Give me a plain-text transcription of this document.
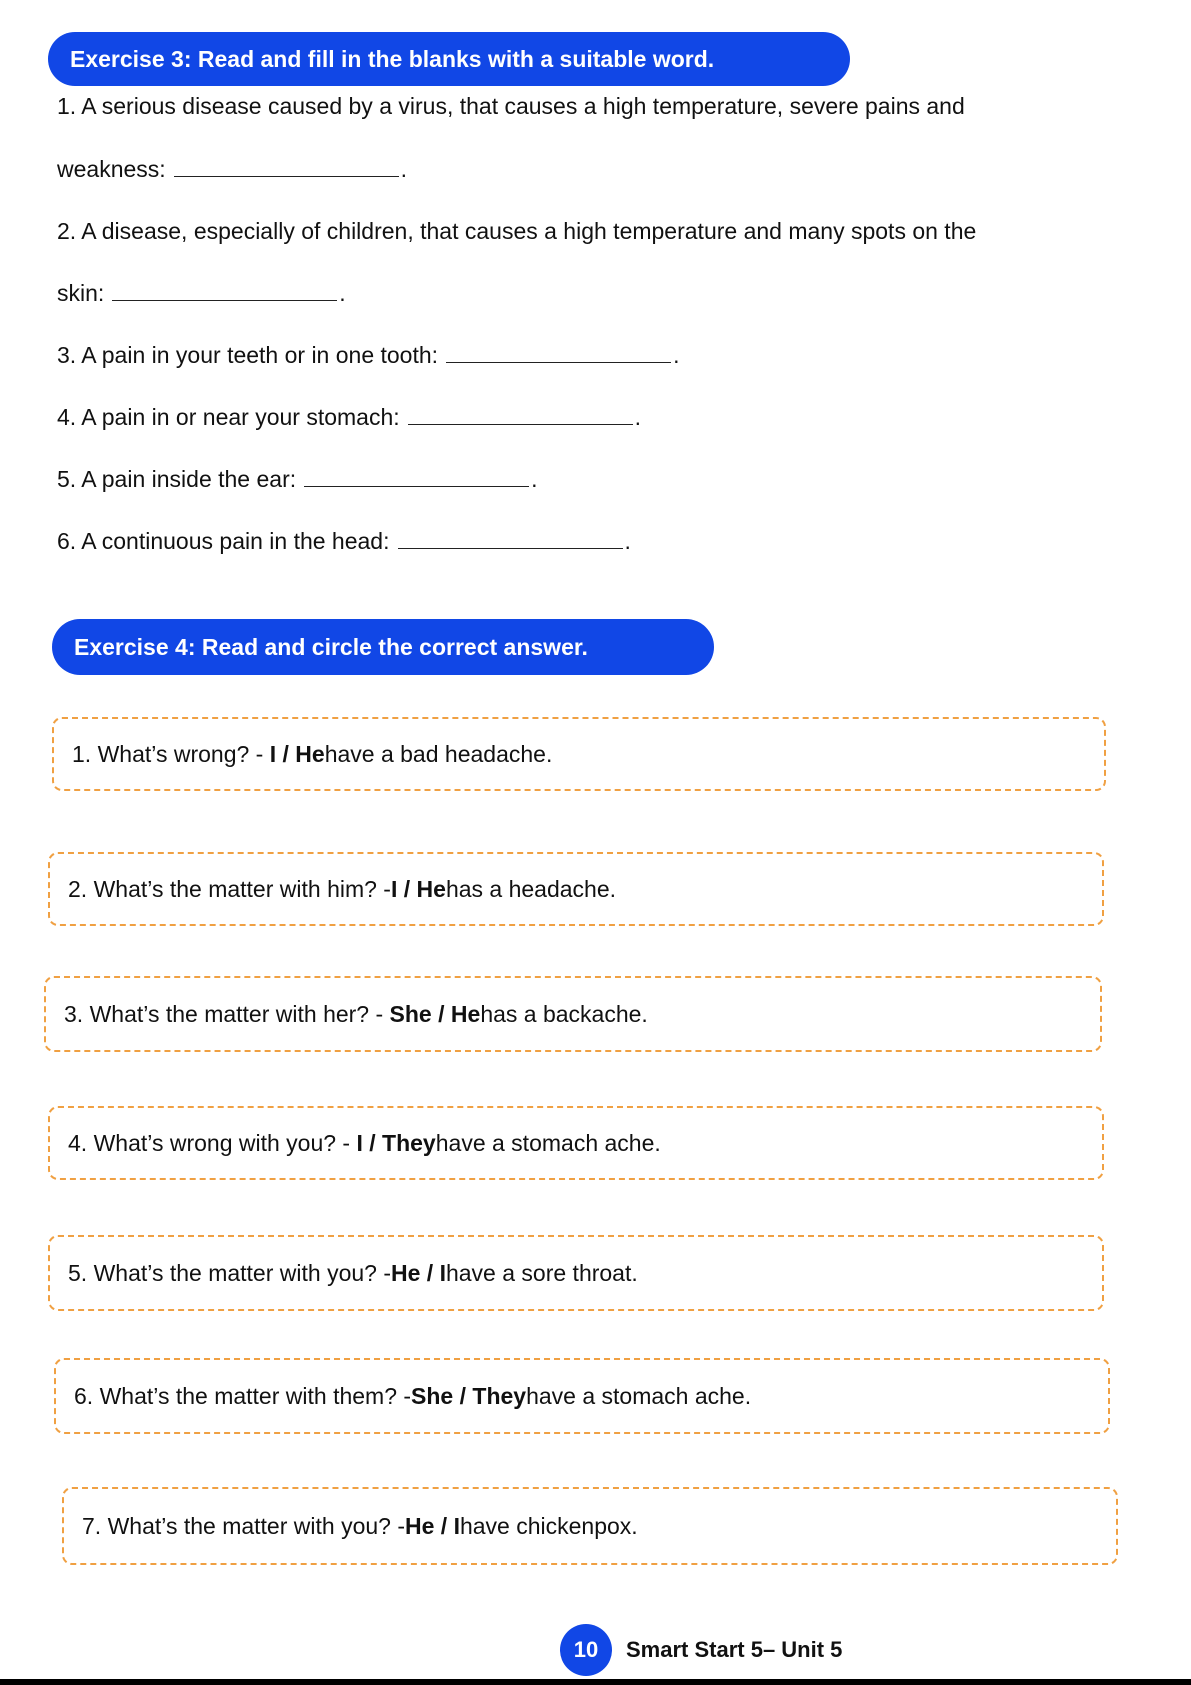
Exercise 3: Read and fill in the blanks with a suitable word.
1. A serious disease caused by a virus, that causes a high temperature, severe pains and
weakness:	.
2. A disease, especially of children, that causes a high temperature and many spots on the
skin:	.
3. A pain in your teeth or in one tooth:	.
4. A pain in or near your stomach:	.
5. A pain inside the ear:	.
6. A continuous pain in the head:	.
Exercise 4: Read and circle the correct answer.
1. What’s wrong? -
I / He have a bad headache.
2. What’s the matter with him? - I / He has a headache.
3. What’s the matter with her? -
She / He has a backache.
4. What’s wrong with you? -
I / They have a stomach ache.
5. What’s the matter with you? - He / I have a sore throat.
6. What’s the matter with them? - She / They have a stomach ache.
7. What’s the matter with you? - He / I have chickenpox.
10	Smart Start 5– Unit 5
